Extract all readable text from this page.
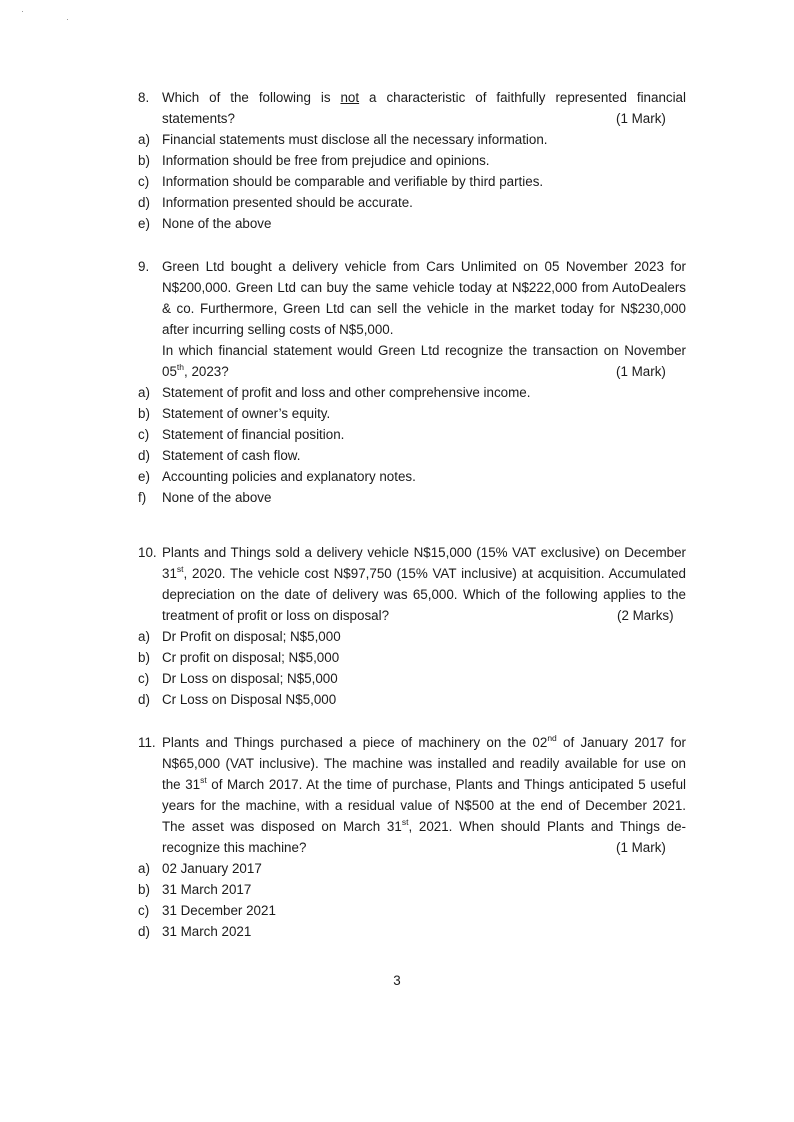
8. Which of the following is not a characteristic of faithfully represented financial
statements?	(1 Mark)
a) Financial statements must disclose all the necessary information.
b) Information should be free from prejudice and opinions.
c) Information should be comparable and verifiable by third parties.
d) Information presented should be accurate.
e) None of the above
9. Green Ltd bought a delivery vehicle from Cars Unlimited on 05 November 2023 for
N$200,000. Green Ltd can buy the same vehicle today at N$222,000 from AutoDealers
& co. Furthermore, Green Ltd can sell the vehicle in the market today for N$230,000
after incurring selling costs of N$5,000.
In which financial statement would Green Ltd recognize the transaction on November
05th, 2023?	(1 Mark)
a) Statement of profit and loss and other comprehensive income.
b) Statement of owner’s equity.
c) Statement of financial position.
d) Statement of cash flow.
e) Accounting policies and explanatory notes.
f) None of the above
10. Plants and Things sold a delivery vehicle N$15,000 (15% VAT exclusive) on December
31st, 2020. The vehicle cost N$97,750 (15% VAT inclusive) at acquisition. Accumulated
depreciation on the date of delivery was 65,000. Which of the following applies to the
treatment of profit or loss on disposal?	(2 Marks)
a) Dr Profit on disposal; N$5,000
b) Cr profit on disposal; N$5,000
c) Dr Loss on disposal; N$5,000
d) Cr Loss on Disposal N$5,000
11. Plants and Things purchased a piece of machinery on the 02nd of January 2017 for
N$65,000 (VAT inclusive). The machine was installed and readily available for use on
the 31st of March 2017. At the time of purchase, Plants and Things anticipated 5 useful
years for the machine, with a residual value of N$500 at the end of December 2021.
The asset was disposed on March 31st, 2021. When should Plants and Things de-
recognize this machine?	(1 Mark)
a) 02 January 2017
b) 31 March 2017
c) 31 December 2021
d) 31 March 2021
3
